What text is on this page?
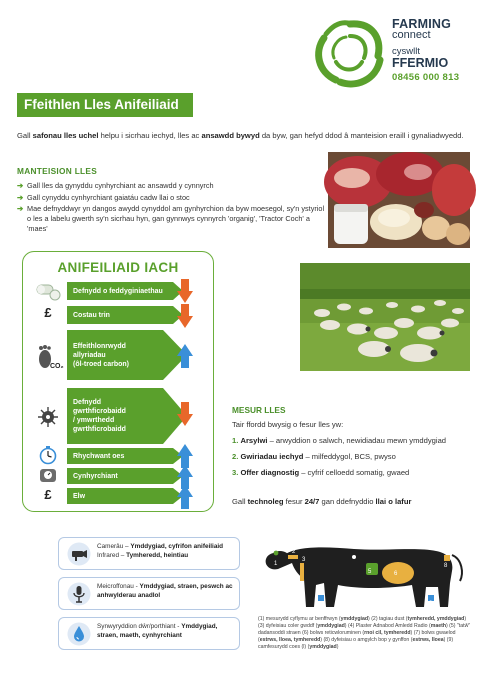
FARMING
connect
cyswllt
FFERMIO
08456 000 813
Ffeithlen Lles Anifeiliaid

Gall safonau lles uchel helpu i sicrhau iechyd, lles ac ansawdd bywyd da byw, gan hefyd ddod â manteision eraill i gynaliadwyedd.

MANTEISION LLES
➔ Gall lles da gynyddu cynhyrchiant ac ansawdd y cynnyrch
➔ Gall cynyddu cynhyrchiant gaiatáu cadw llai o stoc
➔ Mae defnyddwyr yn dangos awydd cynyddol am gynhyrchion da byw moesegol, sy'n ystyriol o les a labelu gwerth sy'n sicrhau hyn, gan gynnwys cynnyrch 'organig', 'Tractor Coch' a 'maes'
ANIFEILIAID IACH
Defnydd o feddyginiaethau
£	Costau trin
CO₂
Effeithlonrwydd
allyriadau
(ôl-troed carbon)
Defnydd
gwrthficrobaidd
/ ymwrthedd
gwrthficrobaidd
Rhychwant oes
Cynhyrchiant
£	Elw
MESUR LLES
Tair ffordd bwysig o fesur lles yw:
1. Arsylwi – arwyddion o salwch, newidiadau mewn ymddygiad
2. Gwiriadau iechyd – milfeddygol, BCS, pwyso
3. Offer diagnostig – cyfrif celloedd somatig, gwaed
Gall technoleg fesur 24/7 gan ddefnyddio llai o lafur
Camerâu – Ymddygiad, cyfrifon anifeiliaid
Infrared – Tymheredd, heintiau
Meicroffonau - Ymddygiad, straen, peswch ac anhwylderau anadlol
Synwyryddion dŵr/porthiant - Ymddygiad, straen, maeth, cynhyrchiant
1
2
3
5	6
8
9
(1) mesurydd cyflymu ar benffrwyn (ymddygiad) (2) tagiau dust (tymheredd, ymddygiad) (3) dyfeisiau coler gwddf (ymddygiad) (4) Plaster Adnabod Amledd Radio (maeth) (5) "tatŵ" dadansoddi straen (6) bolws reticwloruminen (rnoi cil, tymheredd) (7) bolws gwaelod (estrws, lloea, tymheredd) (8) dyfeisiau o amgylch bop y gynffon (estrws, lloea) (9) camfesurydd coes (l) (ymddygiad)
